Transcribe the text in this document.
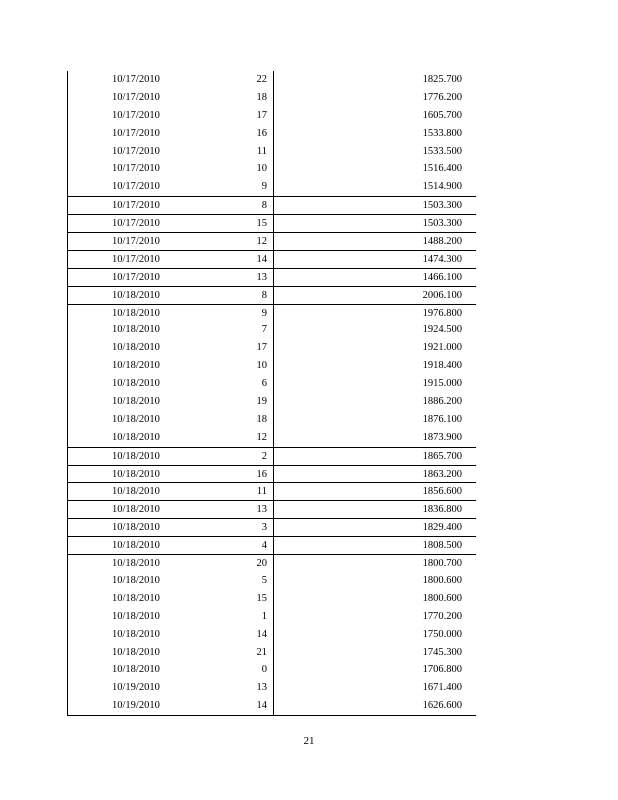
10/17/2010	22	1825.700
10/17/2010	18	1776.200
10/17/2010	17	1605.700
10/17/2010	16	1533.800
10/17/2010	11	1533.500
10/17/2010	10	1516.400
10/17/2010	9	1514.900
10/17/2010	8	1503.300
10/17/2010	15	1503.300
10/17/2010	12	1488.200
10/17/2010	14	1474.300
10/17/2010	13	1466.100
10/18/2010	8	2006.100
10/18/2010	9	1976.800
10/18/2010	7	1924.500
10/18/2010	17	1921.000
10/18/2010	10	1918.400
10/18/2010	6	1915.000
10/18/2010	19	1886.200
10/18/2010	18	1876.100
10/18/2010	12	1873.900
10/18/2010	2	1865.700
10/18/2010	16	1863.200
10/18/2010	11	1856.600
10/18/2010	13	1836.800
10/18/2010	3	1829.400
10/18/2010	4	1808.500
10/18/2010	20	1800.700
10/18/2010	5	1800.600
10/18/2010	15	1800.600
10/18/2010	1	1770.200
10/18/2010	14	1750.000
10/18/2010	21	1745.300
10/18/2010	0	1706.800
10/19/2010	13	1671.400
10/19/2010	14	1626.600
21
